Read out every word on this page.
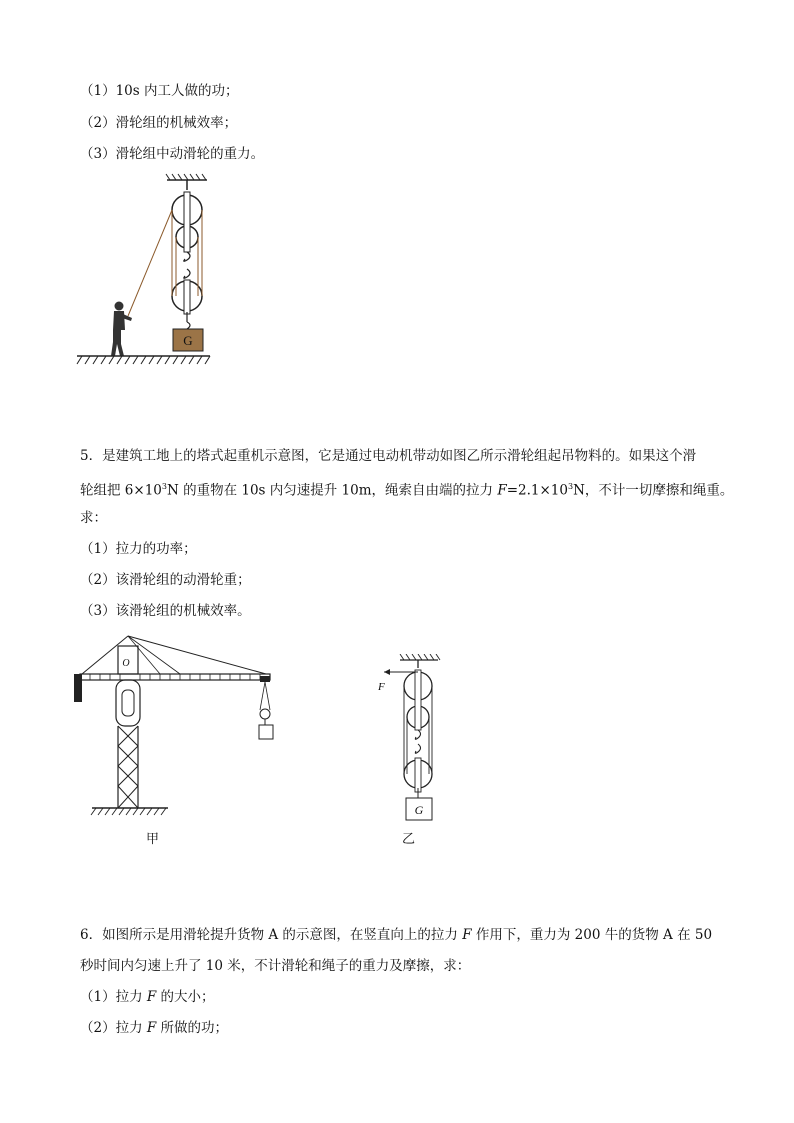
（1）10s 内工人做的功；
（2）滑轮组的机械效率；
（3）滑轮组中动滑轮的重力。
G
5．是建筑工地上的塔式起重机示意图，它是通过电动机带动如图乙所示滑轮组起吊物料的。如果这个滑
轮组把 $6\times 10^3N$ 的重物在 10s 内匀速提升 10m，绳索自由端的拉力 $F=2.1\times 10^3N$，不计一切摩擦和绳重。
求：
（1）拉力的功率；
（2）该滑轮组的动滑轮重；
（3）该滑轮组的机械效率。
O
甲
F
G
乙
6．如图所示是用滑轮提升货物 A 的示意图，在竖直向上的拉力 F 作用下，重力为 200 牛的货物 A 在 50
秒时间内匀速上升了 10 米，不计滑轮和绳子的重力及摩擦，求：
（1）拉力 F 的大小；
（2）拉力 F 所做的功；
